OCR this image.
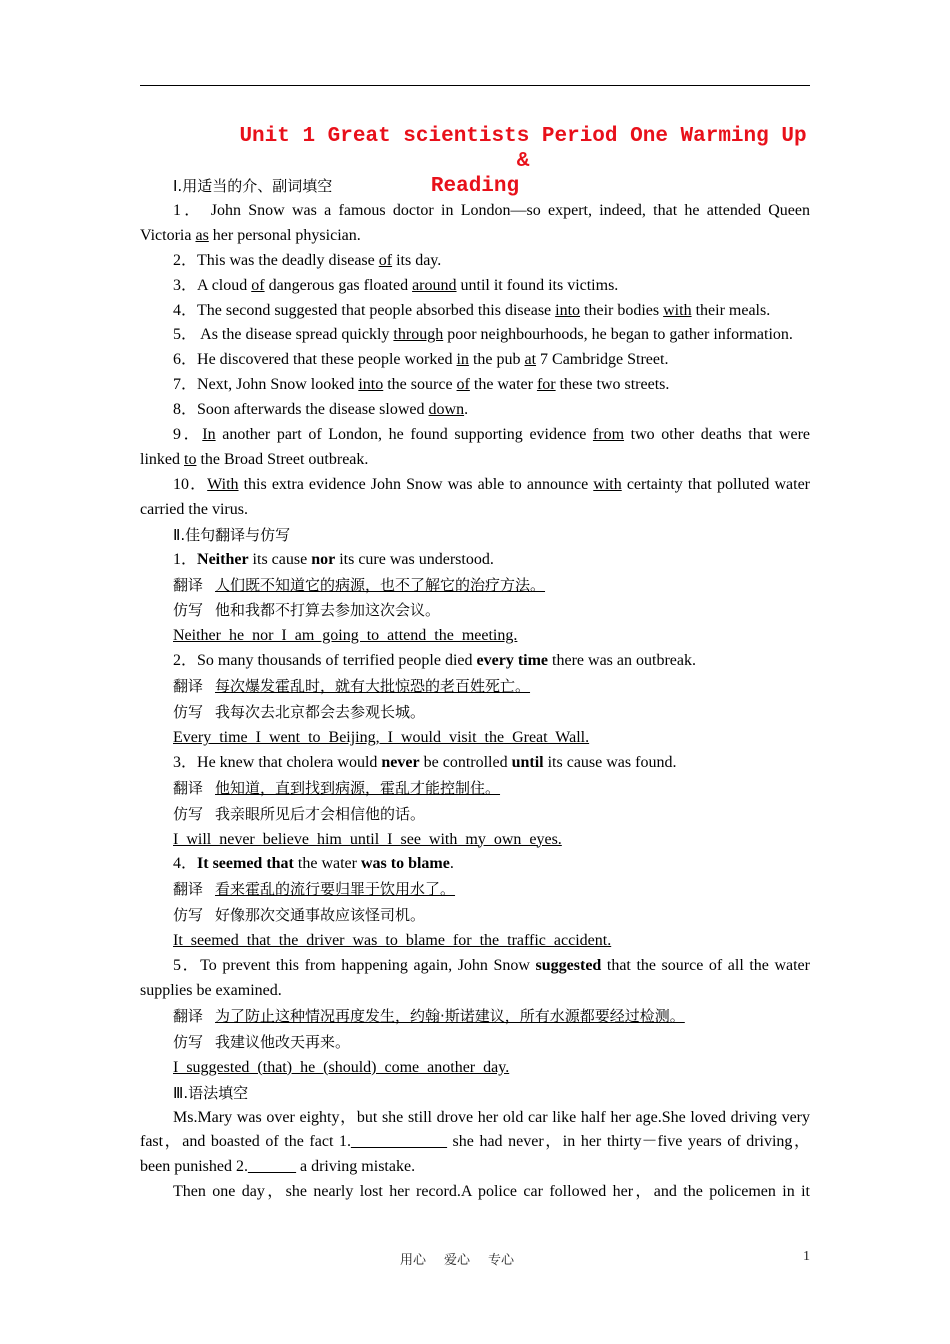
Unit 1 Great scientists Period One Warming Up &
Reading

Ⅰ.用适当的介、副词填空

1． John Snow was a famous doctor in London—so expert, indeed, that he attended Queen Victoria as her personal physician.

2．This was the deadly disease of its day.

3．A cloud of dangerous gas floated around until it found its victims.

4．The second suggested that people absorbed this disease into their bodies with their meals.

5． As the disease spread quickly through poor neighbourhoods, he began to gather information.

6．He discovered that these people worked in the pub at 7 Cambridge Street.

7．Next, John Snow looked into the source of the water for these two streets.

8．Soon afterwards the disease slowed down.

9．In another part of London, he found supporting evidence from two other deaths that were linked to the Broad Street outbreak.

10．With this extra evidence John Snow was able to announce with certainty that polluted water carried the virus.

Ⅱ.佳句翻译与仿写

1．Neither its cause nor its cure was understood.

翻译 人们既不知道它的病源，也不了解它的治疗方法。

仿写 他和我都不打算去参加这次会议。

Neither  he  nor  I  am  going  to  attend  the  meeting.

2．So many thousands of terrified people died every time there was an outbreak.

翻译 每次爆发霍乱时，就有大批惊恐的老百姓死亡。

仿写 我每次去北京都会去参观长城。

Every  time  I  went  to  Beijing,  I  would  visit  the  Great  Wall.

3．He knew that cholera would never be controlled until its cause was found.

翻译 他知道，直到找到病源，霍乱才能控制住。

仿写 我亲眼所见后才会相信他的话。

I  will  never  believe  him  until  I  see  with  my  own  eyes.

4．It seemed that the water was to blame.

翻译 看来霍乱的流行要归罪于饮用水了。

仿写 好像那次交通事故应该怪司机。

It  seemed  that  the  driver  was  to  blame  for  the  traffic  accident.

5．To prevent this from happening again, John Snow suggested that the source of all the water supplies be examined.

翻译 为了防止这种情况再度发生，约翰·斯诺建议，所有水源都要经过检测。

仿写 我建议他改天再来。

I  suggested  (that)  he  (should)  come  another  day.

Ⅲ.语法填空

Ms.Mary was over eighty，but she still drove her old car like half her age.She loved driving very fast，and boasted of the fact 1.____________ she had never，in her thirty－five years of driving，been punished 2.______ a driving mistake.

Then one day，she nearly lost her record.A police car followed her，and the policemen in it

用心 爱心 专心	1
